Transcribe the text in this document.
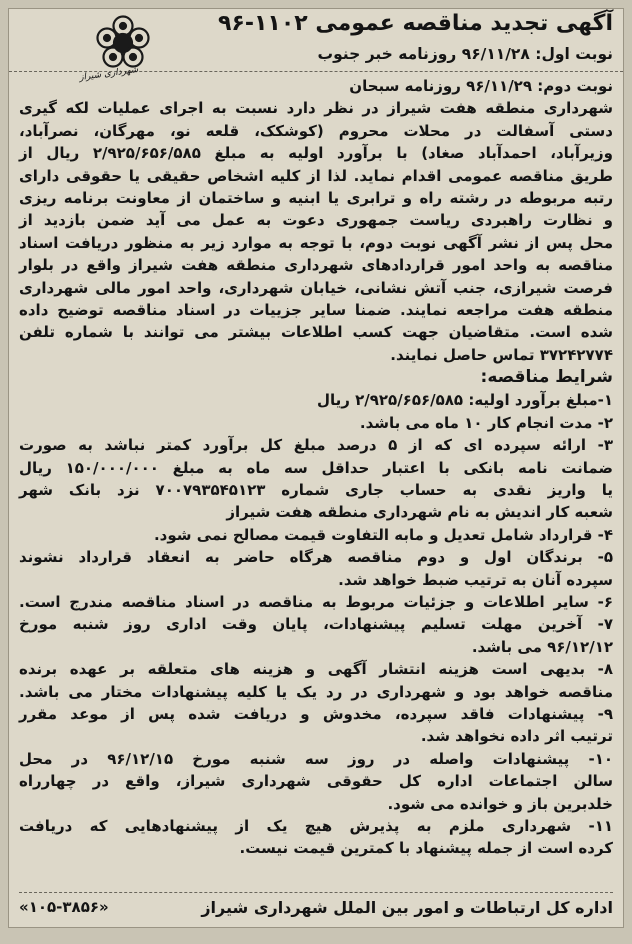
آگهی تجدید مناقصه عمومی ۱۱۰۲-۹۶
نوبت اول: ۹۶/۱۱/۲۸ روزنامه خبر جنوب
شهرداری شیراز
نوبت دوم: ۹۶/۱۱/۲۹ روزنامه سبحان
شهرداری منطقه هفت شیراز در نظر دارد نسبت به اجرای عملیات لکه گیری
دستی آسفالت در محلات محروم (کوشکک، قلعه نو، مهرگان، نصرآباد،
وزیرآباد، احمدآباد صغاد) با برآورد اولیه به مبلغ ۲/۹۲۵/۶۵۶/۵۸۵ ریال از
طریق مناقصه عمومی اقدام نماید. لذا از کلیه اشخاص حقیقی یا حقوقی دارای
رتبه مربوطه در رشته راه و ترابری یا ابنیه و ساختمان از معاونت برنامه ریزی
و نظارت راهبردی ریاست جمهوری دعوت به عمل می آید ضمن بازدید از
محل پس از نشر آگهی نوبت دوم، با توجه به موارد زیر به منظور دریافت اسناد
مناقصه به واحد امور قراردادهای شهرداری منطقه هفت شیراز واقع در بلوار
فرصت شیرازی، جنب آتش نشانی، خیابان شهرداری، واحد امور مالی شهرداری
منطقه هفت مراجعه نمایند. ضمنا سایر جزییات در اسناد مناقصه توضیح داده
شده است. متقاضیان جهت کسب اطلاعات بیشتر می توانند با شماره تلفن
۳۷۲۴۲۷۷۴ تماس حاصل نمایند.
شرایط مناقصه:
۱-مبلغ برآورد اولیه: ۲/۹۲۵/۶۵۶/۵۸۵ ریال
۲- مدت انجام کار ۱۰ ماه می باشد.
۳- ارائه سپرده ای که از ۵ درصد مبلغ کل برآورد کمتر نباشد به صورت
ضمانت نامه بانکی با اعتبار حداقل سه ماه به مبلغ ۱۵۰/۰۰۰/۰۰۰ ریال
یا واریز نقدی به حساب جاری شماره ۷۰۰۷۹۳۵۴۵۱۲۳ نزد بانک شهر
شعبه کار اندیش به نام شهرداری منطقه هفت شیراز
۴- قرارداد شامل تعدیل و مابه التفاوت قیمت مصالح نمی شود.
۵- برندگان اول و دوم مناقصه هرگاه حاضر به انعقاد قرارداد نشوند
سپرده آنان به ترتیب ضبط خواهد شد.
۶- سایر اطلاعات و جزئیات مربوط به مناقصه در اسناد مناقصه مندرج است.
۷- آخرین مهلت تسلیم پیشنهادات، پایان وقت اداری روز شنبه مورخ
۹۶/۱۲/۱۲ می باشد.
۸- بدیهی است هزینه انتشار آگهی و هزینه های متعلقه بر عهده برنده
مناقصه خواهد بود و شهرداری در رد یک یا کلیه پیشنهادات مختار می باشد.
۹- پیشنهادات فاقد سپرده، مخدوش و دریافت شده پس از موعد مقرر
ترتیب اثر داده نخواهد شد.
۱۰- پیشنهادات واصله در روز سه شنبه مورخ ۹۶/۱۲/۱۵ در محل
سالن اجتماعات اداره کل حقوقی شهرداری شیراز، واقع در چهارراه
خلدبرین باز و خوانده می شود.
۱۱- شهرداری ملزم به پذیرش هیچ یک از پیشنهادهایی که دریافت
کرده است از جمله پیشنهاد با کمترین قیمت نیست.
اداره کل ارتباطات و امور بین الملل شهرداری شیراز
«۱۰۵-۳۸۵۶»
